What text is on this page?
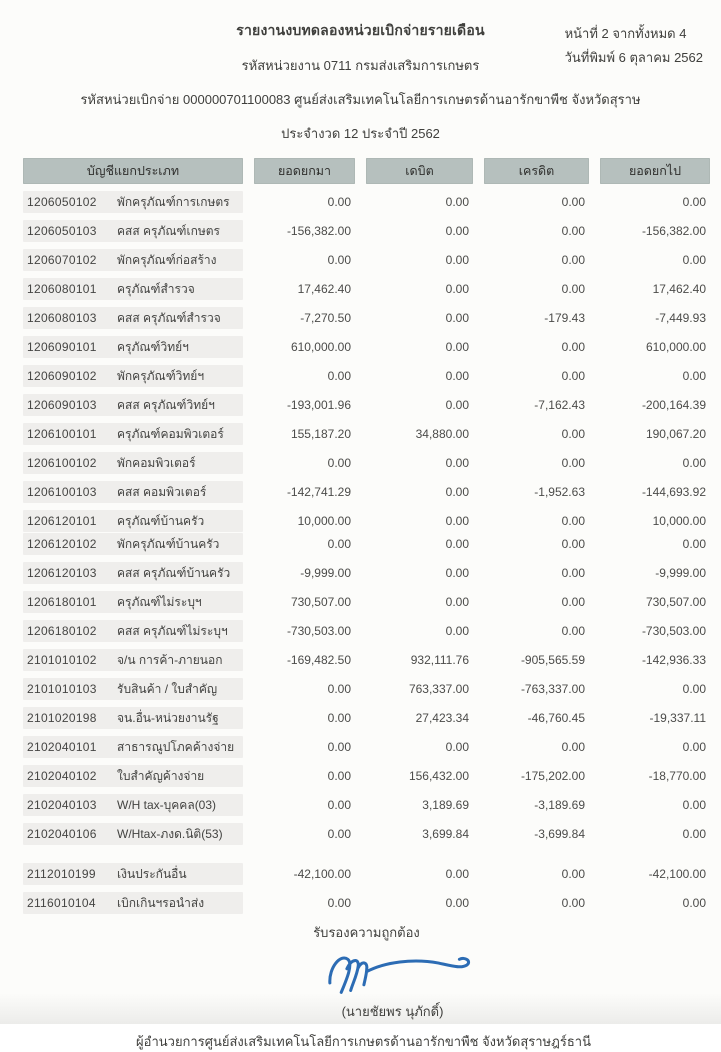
รายงานงบทดลองหน่วยเบิกจ่ายรายเดือน
รหัสหน่วยงาน 0711 กรมส่งเสริมการเกษตร
รหัสหน่วยเบิกจ่าย 000000701100083 ศูนย์ส่งเสริมเทคโนโลยีการเกษตรด้านอารักขาพืช จังหวัดสุราษ
ประจำงวด 12 ประจำปี 2562
หน้าที่ 2 จากทั้งหมด 4
วันที่พิมพ์ 6 ตุลาคม 2562
บัญชีแยกประเภท	ยอดยกมา	เดบิต	เครดิต	ยอดยกไป
1206050102	พักครุภัณฑ์การเกษตร	0.00	0.00	0.00	0.00
1206050103	คสส ครุภัณฑ์เกษตร	-156,382.00	0.00	0.00	-156,382.00
1206070102	พักครุภัณฑ์ก่อสร้าง	0.00	0.00	0.00	0.00
1206080101	ครุภัณฑ์สำรวจ	17,462.40	0.00	0.00	17,462.40
1206080103	คสส ครุภัณฑ์สำรวจ	-7,270.50	0.00	-179.43	-7,449.93
1206090101	ครุภัณฑ์วิทย์ฯ	610,000.00	0.00	0.00	610,000.00
1206090102	พักครุภัณฑ์วิทย์ฯ	0.00	0.00	0.00	0.00
1206090103	คสส ครุภัณฑ์วิทย์ฯ	-193,001.96	0.00	-7,162.43	-200,164.39
1206100101	ครุภัณฑ์คอมพิวเตอร์	155,187.20	34,880.00	0.00	190,067.20
1206100102	พักคอมพิวเตอร์	0.00	0.00	0.00	0.00
1206100103	คสส คอมพิวเตอร์	-142,741.29	0.00	-1,952.63	-144,693.92
1206120101	ครุภัณฑ์บ้านครัว	10,000.00	0.00	0.00	10,000.00
1206120102	พักครุภัณฑ์บ้านครัว	0.00	0.00	0.00	0.00
1206120103	คสส ครุภัณฑ์บ้านครัว	-9,999.00	0.00	0.00	-9,999.00
1206180101	ครุภัณฑ์ไม่ระบุฯ	730,507.00	0.00	0.00	730,507.00
1206180102	คสส ครุภัณฑ์ไม่ระบุฯ	-730,503.00	0.00	0.00	-730,503.00
2101010102	จ/น การค้า-ภายนอก	-169,482.50	932,111.76	-905,565.59	-142,936.33
2101010103	รับสินค้า / ใบสำคัญ	0.00	763,337.00	-763,337.00	0.00
2101020198	จน.อื่น-หน่วยงานรัฐ	0.00	27,423.34	-46,760.45	-19,337.11
2102040101	สาธารณูปโภคค้างจ่าย	0.00	0.00	0.00	0.00
2102040102	ใบสำคัญค้างจ่าย	0.00	156,432.00	-175,202.00	-18,770.00
2102040103	W/H tax-บุคคล(03)	0.00	3,189.69	-3,189.69	0.00
2102040106	W/Htax-ภงด.นิติ(53)	0.00	3,699.84	-3,699.84	0.00
2112010199	เงินประกันอื่น	-42,100.00	0.00	0.00	-42,100.00
2116010104	เบิกเกินฯรอนำส่ง	0.00	0.00	0.00	0.00
รับรองความถูกต้อง
(นายชัยพร นุภักดิ์)
ผู้อำนวยการศูนย์ส่งเสริมเทคโนโลยีการเกษตรด้านอารักขาพืช จังหวัดสุราษฎร์ธานี
